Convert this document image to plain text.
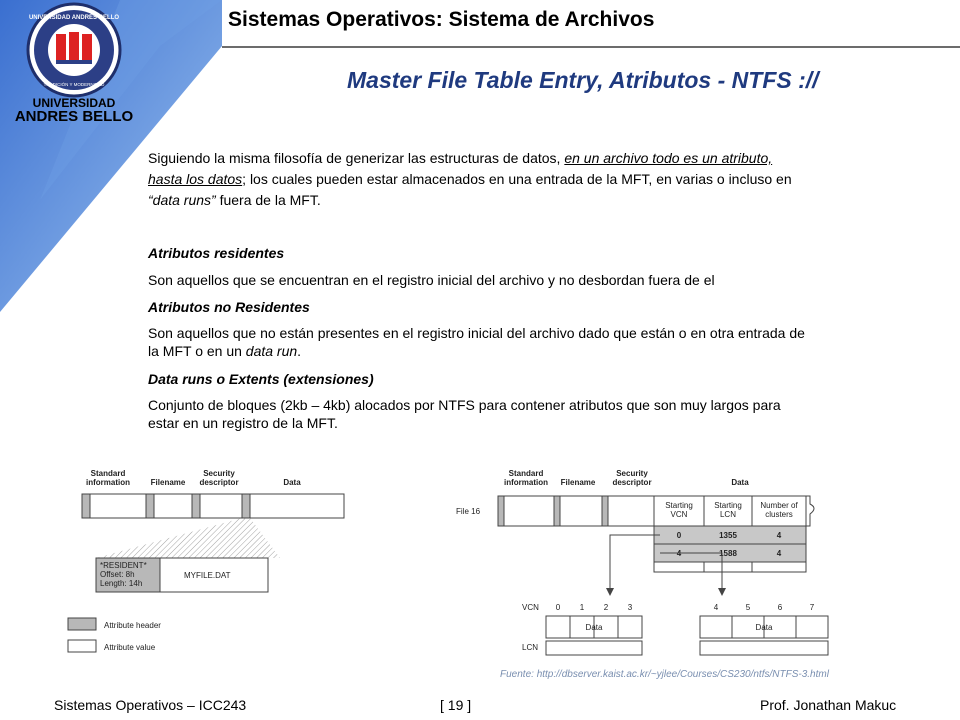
UNIVERSIDAD ANDRÉS BELLO
TRADICIÓN Y MODERNIDAD
UNIVERSIDAD
ANDRES BELLO
Sistemas Operativos: Sistema de Archivos
Master File Table Entry, Atributos - NTFS ://
Siguiendo la misma filosofía de generizar las estructuras de datos, en un archivo todo es un atributo,
hasta los datos; los cuales pueden estar almacenados en una entrada de la MFT, en varias o incluso en
“data runs” fuera de la MFT.
Atributos residentes
Son aquellos que se encuentran en el registro inicial del archivo y no desbordan fuera de el
Atributos no Residentes
Son aquellos que no están presentes en el registro inicial del archivo dado que están o en otra entrada de
la MFT o en un data run.
Data runs o Extents (extensiones)
Conjunto de bloques (2kb – 4kb) alocados por NTFS para contener atributos que son muy largos para
estar en un registro de la MFT.
Standard
information	Filename
Security
descriptor	Data
*RESIDENT*
Offset: 8h
Length: 14h
MYFILE.DAT
Attribute header
Attribute value
Standard
information Filename
Security
descriptor	Data
File 16
Starting
VCN
Starting
LCN
Number of
clusters
0	1355	4
4	1588	4
VCN
LCN
0 1 2 3	4	5	6	7
Data	Data
Fuente: http://dbserver.kaist.ac.kr/~yjlee/Courses/CS230/ntfs/NTFS-3.html
Sistemas Operativos – ICC243	[ 19 ]	Prof. Jonathan Makuc
